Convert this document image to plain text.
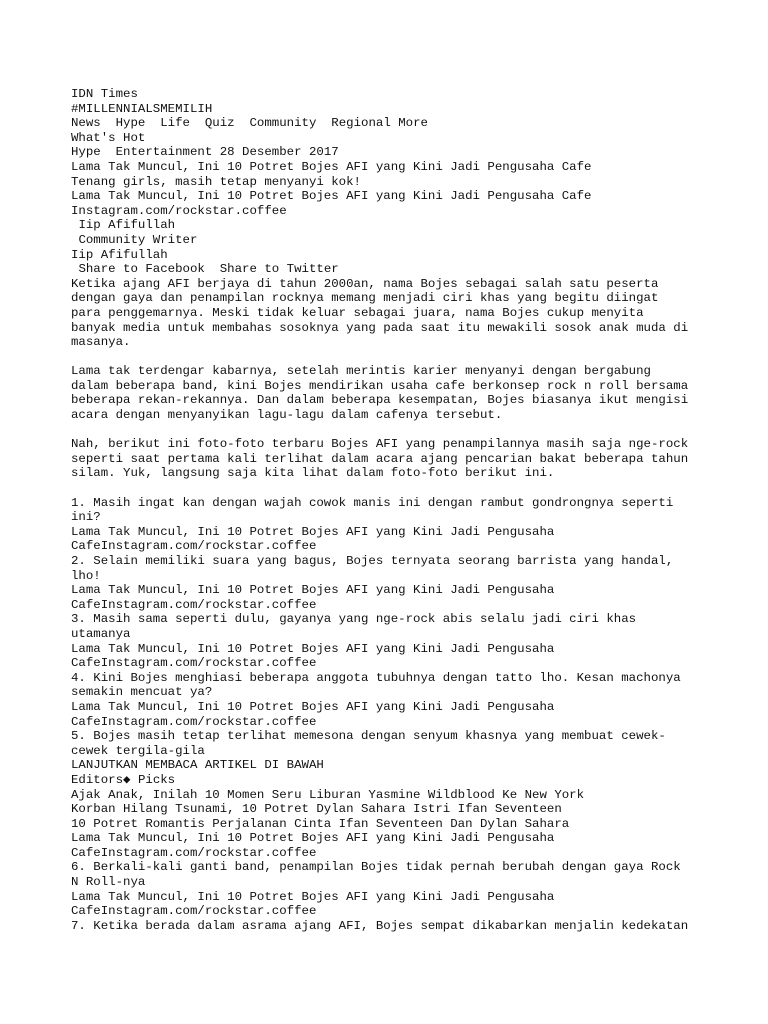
IDN Times
#MILLENNIALSMEMILIH
News Hype Life Quiz Community Regional More
What's Hot
Hype Entertainment 28 Desember 2017
Lama Tak Muncul, Ini 10 Potret Bojes AFI yang Kini Jadi Pengusaha Cafe
Tenang girls, masih tetap menyanyi kok!
Lama Tak Muncul, Ini 10 Potret Bojes AFI yang Kini Jadi Pengusaha Cafe
Instagram.com/rockstar.coffee
Iip Afifullah
Community Writer
Iip Afifullah
Share to Facebook Share to Twitter
Ketika ajang AFI berjaya di tahun 2000an, nama Bojes sebagai salah satu peserta
dengan gaya dan penampilan rocknya memang menjadi ciri khas yang begitu diingat
para penggemarnya. Meski tidak keluar sebagai juara, nama Bojes cukup menyita
banyak media untuk membahas sosoknya yang pada saat itu mewakili sosok anak muda di
masanya.
Lama tak terdengar kabarnya, setelah merintis karier menyanyi dengan bergabung
dalam beberapa band, kini Bojes mendirikan usaha cafe berkonsep rock n roll bersama
beberapa rekan-rekannya. Dan dalam beberapa kesempatan, Bojes biasanya ikut mengisi
acara dengan menyanyikan lagu-lagu dalam cafenya tersebut.
Nah, berikut ini foto-foto terbaru Bojes AFI yang penampilannya masih saja nge-rock
seperti saat pertama kali terlihat dalam acara ajang pencarian bakat beberapa tahun
silam. Yuk, langsung saja kita lihat dalam foto-foto berikut ini.
1. Masih ingat kan dengan wajah cowok manis ini dengan rambut gondrongnya seperti
ini?
Lama Tak Muncul, Ini 10 Potret Bojes AFI yang Kini Jadi Pengusaha
CafeInstagram.com/rockstar.coffee
2. Selain memiliki suara yang bagus, Bojes ternyata seorang barrista yang handal,
lho!
Lama Tak Muncul, Ini 10 Potret Bojes AFI yang Kini Jadi Pengusaha
CafeInstagram.com/rockstar.coffee
3. Masih sama seperti dulu, gayanya yang nge-rock abis selalu jadi ciri khas
utamanya
Lama Tak Muncul, Ini 10 Potret Bojes AFI yang Kini Jadi Pengusaha
CafeInstagram.com/rockstar.coffee
4. Kini Bojes menghiasi beberapa anggota tubuhnya dengan tatto lho. Kesan machonya
semakin mencuat ya?
Lama Tak Muncul, Ini 10 Potret Bojes AFI yang Kini Jadi Pengusaha
CafeInstagram.com/rockstar.coffee
5. Bojes masih tetap terlihat memesona dengan senyum khasnya yang membuat cewek-
cewek tergila-gila
LANJUTKAN MEMBACA ARTIKEL DI BAWAH
Editors◆ Picks
Ajak Anak, Inilah 10 Momen Seru Liburan Yasmine Wildblood Ke New York
Korban Hilang Tsunami, 10 Potret Dylan Sahara Istri Ifan Seventeen
10 Potret Romantis Perjalanan Cinta Ifan Seventeen Dan Dylan Sahara
Lama Tak Muncul, Ini 10 Potret Bojes AFI yang Kini Jadi Pengusaha
CafeInstagram.com/rockstar.coffee
6. Berkali-kali ganti band, penampilan Bojes tidak pernah berubah dengan gaya Rock
N Roll-nya
Lama Tak Muncul, Ini 10 Potret Bojes AFI yang Kini Jadi Pengusaha
CafeInstagram.com/rockstar.coffee
7. Ketika berada dalam asrama ajang AFI, Bojes sempat dikabarkan menjalin kedekatan
